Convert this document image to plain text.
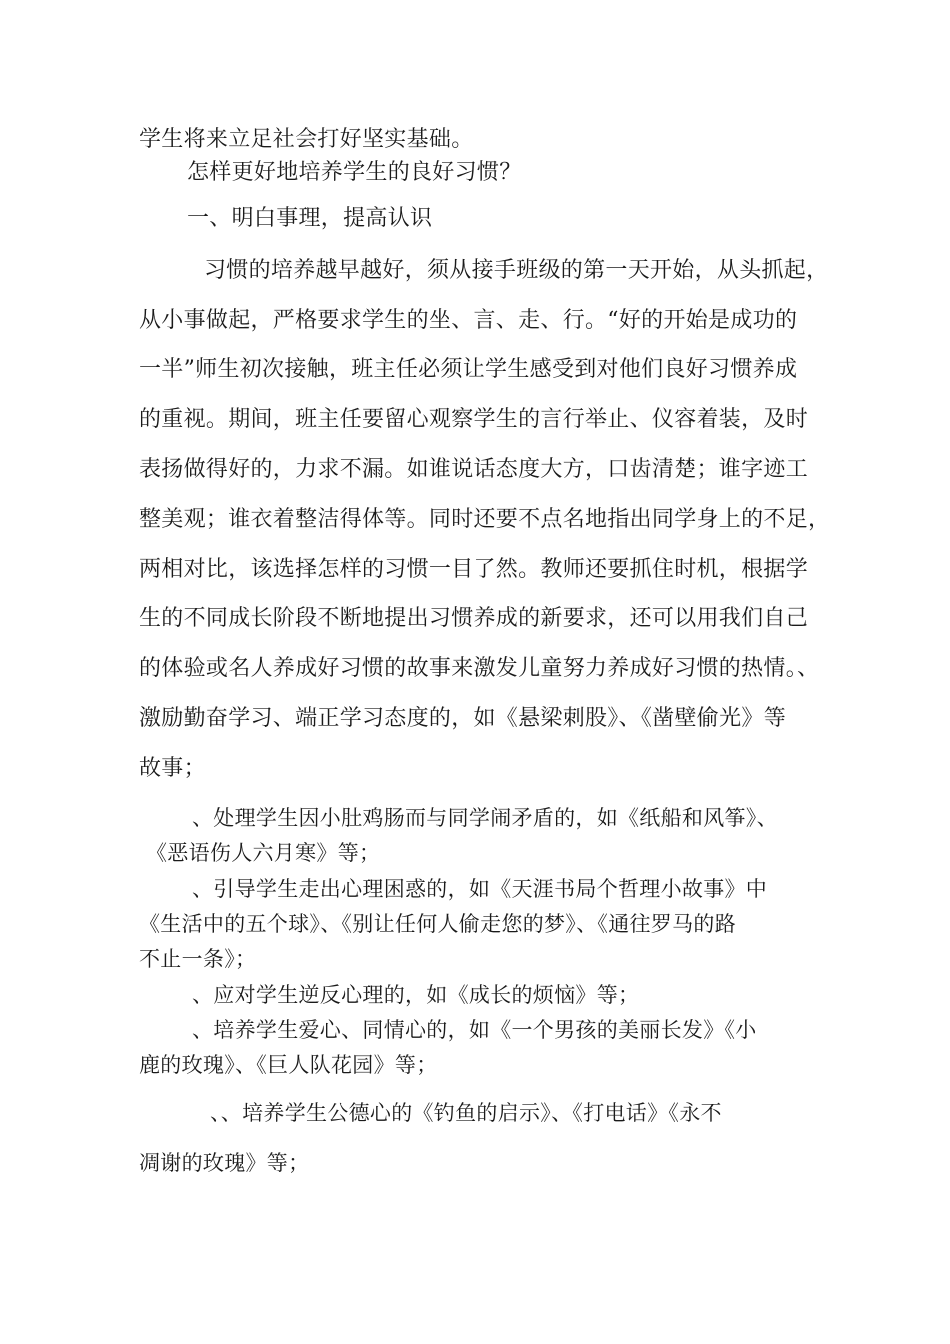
学生将来立足社会打好坚实基础。

怎样更好地培养学生的良好习惯？

一、明白事理，提高认识

习惯的培养越早越好，须从接手班级的第一天开始，从头抓起，

从小事做起，严格要求学生的坐、言、走、行。“好的开始是成功的

一半”师生初次接触，班主任必须让学生感受到对他们良好习惯养成

的重视。期间，班主任要留心观察学生的言行举止、仪容着装，及时

表扬做得好的，力求不漏。如谁说话态度大方，口齿清楚；谁字迹工

整美观；谁衣着整洁得体等。同时还要不点名地指出同学身上的不足，

两相对比，该选择怎样的习惯一目了然。教师还要抓住时机，根据学

生的不同成长阶段不断地提出习惯养成的新要求，还可以用我们自己

的体验或名人养成好习惯的故事来激发儿童努力养成好习惯的热情。、

激励勤奋学习、端正学习态度的，如《悬梁刺股》、《凿壁偷光》等

故事；

、处理学生因小肚鸡肠而与同学闹矛盾的，如《纸船和风筝》、

《恶语伤人六月寒》等；

、引导学生走出心理困惑的，如《天涯书局个哲理小故事》中

《生活中的五个球》、《别让任何人偷走您的梦》、《通往罗马的路

不止一条》；

、应对学生逆反心理的，如《成长的烦恼》等；

、培养学生爱心、同情心的，如《一个男孩的美丽长发》《小

鹿的玫瑰》、《巨人队花园》等；

、、培养学生公德心的《钓鱼的启示》、《打电话》《永不

凋谢的玫瑰》等；
